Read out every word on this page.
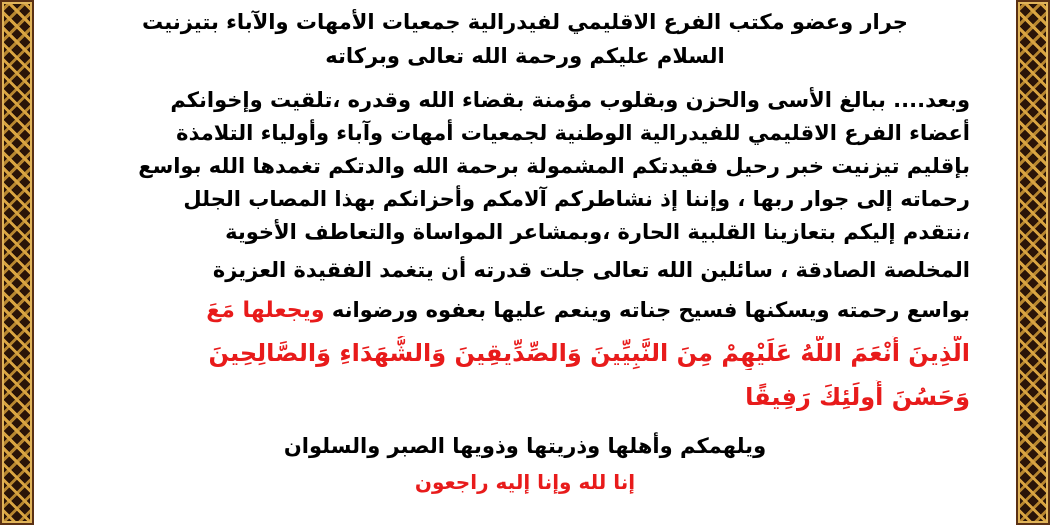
جرار وعضو مكتب الفرع الاقليمي لفيدرالية جمعيات الأمهات والآباء بتيزنيت
السلام عليكم ورحمة الله تعالى وبركاته
وبعد.... ببالغ الأسى والحزن وبقلوب مؤمنة بقضاء الله وقدره ،تلقيت وإخوانكم
أعضاء الفرع الاقليمي للفيدرالية الوطنية لجمعيات أمهات وآباء وأولياء التلامذة
بإقليم تيزنيت خبر رحيل فقيدتكم المشمولة برحمة الله والدتكم تغمدها الله بواسع
رحماته إلى جوار ربها ، وإننا إذ نشاطركم آلامكم وأحزانكم بهذا المصاب الجلل
،نتقدم إليكم بتعازينا القلبية الحارة ،وبمشاعر المواساة والتعاطف الأخوية
المخلصة الصادقة ، سائلين الله تعالى جلت قدرته أن يتغمد الفقيدة العزيزة
بواسع رحمته ويسكنها فسيح جناته وينعم عليها بعفوه ورضوانه ويجعلها مَعَ
الَّذِينَ أَنْعَمَ اللَّهُ عَلَيْهِمْ مِنَ النَّبِيِّينَ وَالصِّدِّيقِينَ وَالشُّهَدَاءِ وَالصَّالِحِينَ
وَحَسُنَ أُولَئِكَ رَفِيقًا
ويلهمكم وأهلها وذريتها وذويها الصبر والسلوان
إنا لله وإنا إليه راجعون
